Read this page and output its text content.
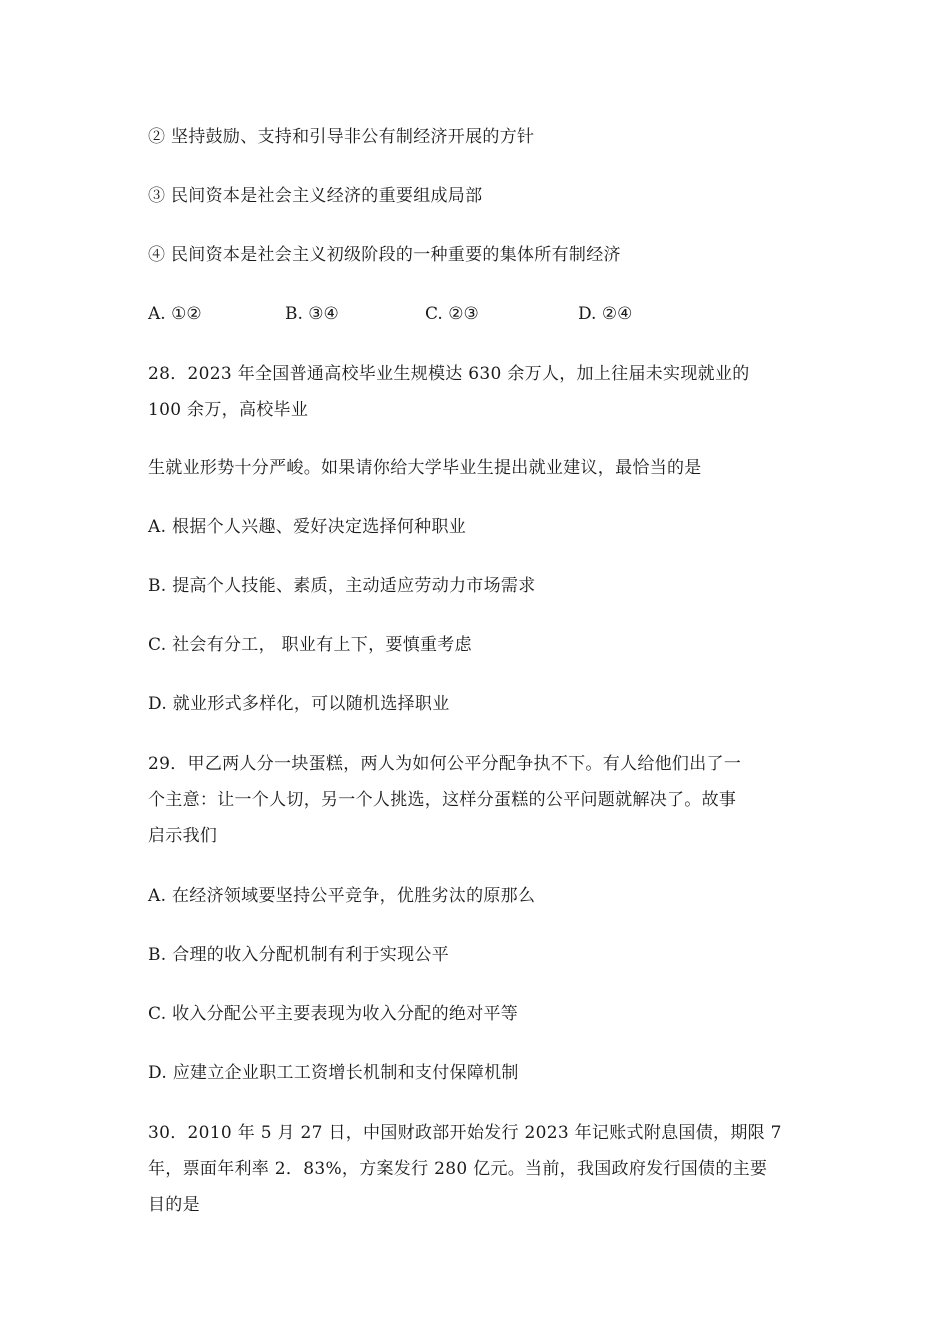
② 坚持鼓励、支持和引导非公有制经济开展的方针
③ 民间资本是社会主义经济的重要组成局部
④ 民间资本是社会主义初级阶段的一种重要的集体所有制经济
A. ①②	B. ③④	C. ②③	D. ②④
28．2023 年全国普通高校毕业生规模达 630 余万人，加上往届未实现就业的
100 余万，高校毕业
生就业形势十分严峻。如果请你给大学毕业生提出就业建议，最恰当的是
A. 根据个人兴趣、爱好决定选择何种职业
B. 提高个人技能、素质，主动适应劳动力市场需求
C. 社会有分工， 职业有上下，要慎重考虑
D. 就业形式多样化，可以随机选择职业
29．甲乙两人分一块蛋糕，两人为如何公平分配争执不下。有人给他们出了一
个主意：让一个人切，另一个人挑选，这样分蛋糕的公平问题就解决了。故事
启示我们
A. 在经济领域要坚持公平竞争，优胜劣汰的原那么
B. 合理的收入分配机制有利于实现公平
C. 收入分配公平主要表现为收入分配的绝对平等
D. 应建立企业职工工资增长机制和支付保障机制
30．2010 年 5 月 27 日，中国财政部开始发行 2023 年记账式附息国债，期限 7
年，票面年利率 2．83%，方案发行 280 亿元。当前，我国政府发行国债的主要
目的是
